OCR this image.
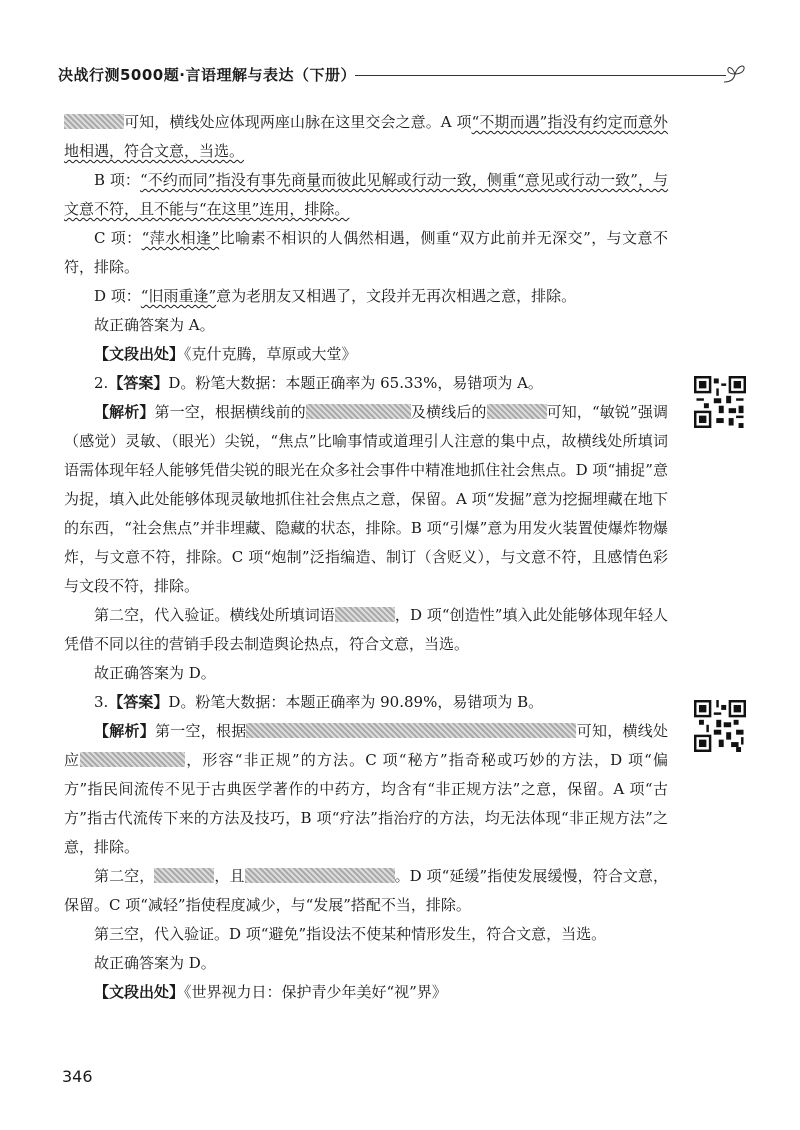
决战行测5000题·言语理解与表达（下册）

可知，横线处应体现两座山脉在这里交会之意。A 项“不期而遇”指没有约定而意外地相遇，符合文意，当选。

B 项：“不约而同”指没有事先商量而彼此见解或行动一致，侧重“意见或行动一致”，与文意不符，且不能与“在这里”连用，排除。

C 项：“萍水相逢”比喻素不相识的人偶然相遇，侧重“双方此前并无深交”，与文意不符，排除。

D 项：“旧雨重逢”意为老朋友又相遇了，文段并无再次相遇之意，排除。

故正确答案为 A。

【文段出处】《克什克腾，草原或大堂》

2.【答案】D。粉笔大数据：本题正确率为 65.33%，易错项为 A。

【解析】第一空，根据横线前的	及横线后的	可知，“敏锐”强调（感觉）灵敏、（眼光）尖锐，“焦点”比喻事情或道理引人注意的集中点，故横线处所填词语需体现年轻人能够凭借尖锐的眼光在众多社会事件中精准地抓住社会焦点。D 项“捕捉”意为捉，填入此处能够体现灵敏地抓住社会焦点之意，保留。A 项“发掘”意为挖掘埋藏在地下的东西，“社会焦点”并非埋藏、隐藏的状态，排除。B 项“引爆”意为用发火装置使爆炸物爆炸，与文意不符，排除。C 项“炮制”泛指编造、制订（含贬义），与文意不符，且感情色彩与文段不符，排除。

第二空，代入验证。横线处所填词语	，D 项“创造性”填入此处能够体现年轻人凭借不同以往的营销手段去制造舆论热点，符合文意，当选。

故正确答案为 D。

3.【答案】D。粉笔大数据：本题正确率为 90.89%，易错项为 B。

【解析】第一空，根据	可知，横线处应	，形容“非正规”的方法。C 项“秘方”指奇秘或巧妙的方法，D 项“偏方”指民间流传不见于古典医学著作的中药方，均含有“非正规方法”之意，保留。A 项“古方”指古代流传下来的方法及技巧，B 项“疗法”指治疗的方法，均无法体现“非正规方法”之意，排除。

第二空，	，且	。D 项“延缓”指使发展缓慢，符合文意，保留。C 项“减轻”指使程度减少，与“发展”搭配不当，排除。

第三空，代入验证。D 项“避免”指设法不使某种情形发生，符合文意，当选。

故正确答案为 D。

【文段出处】《世界视力日：保护青少年美好“视”界》

346
